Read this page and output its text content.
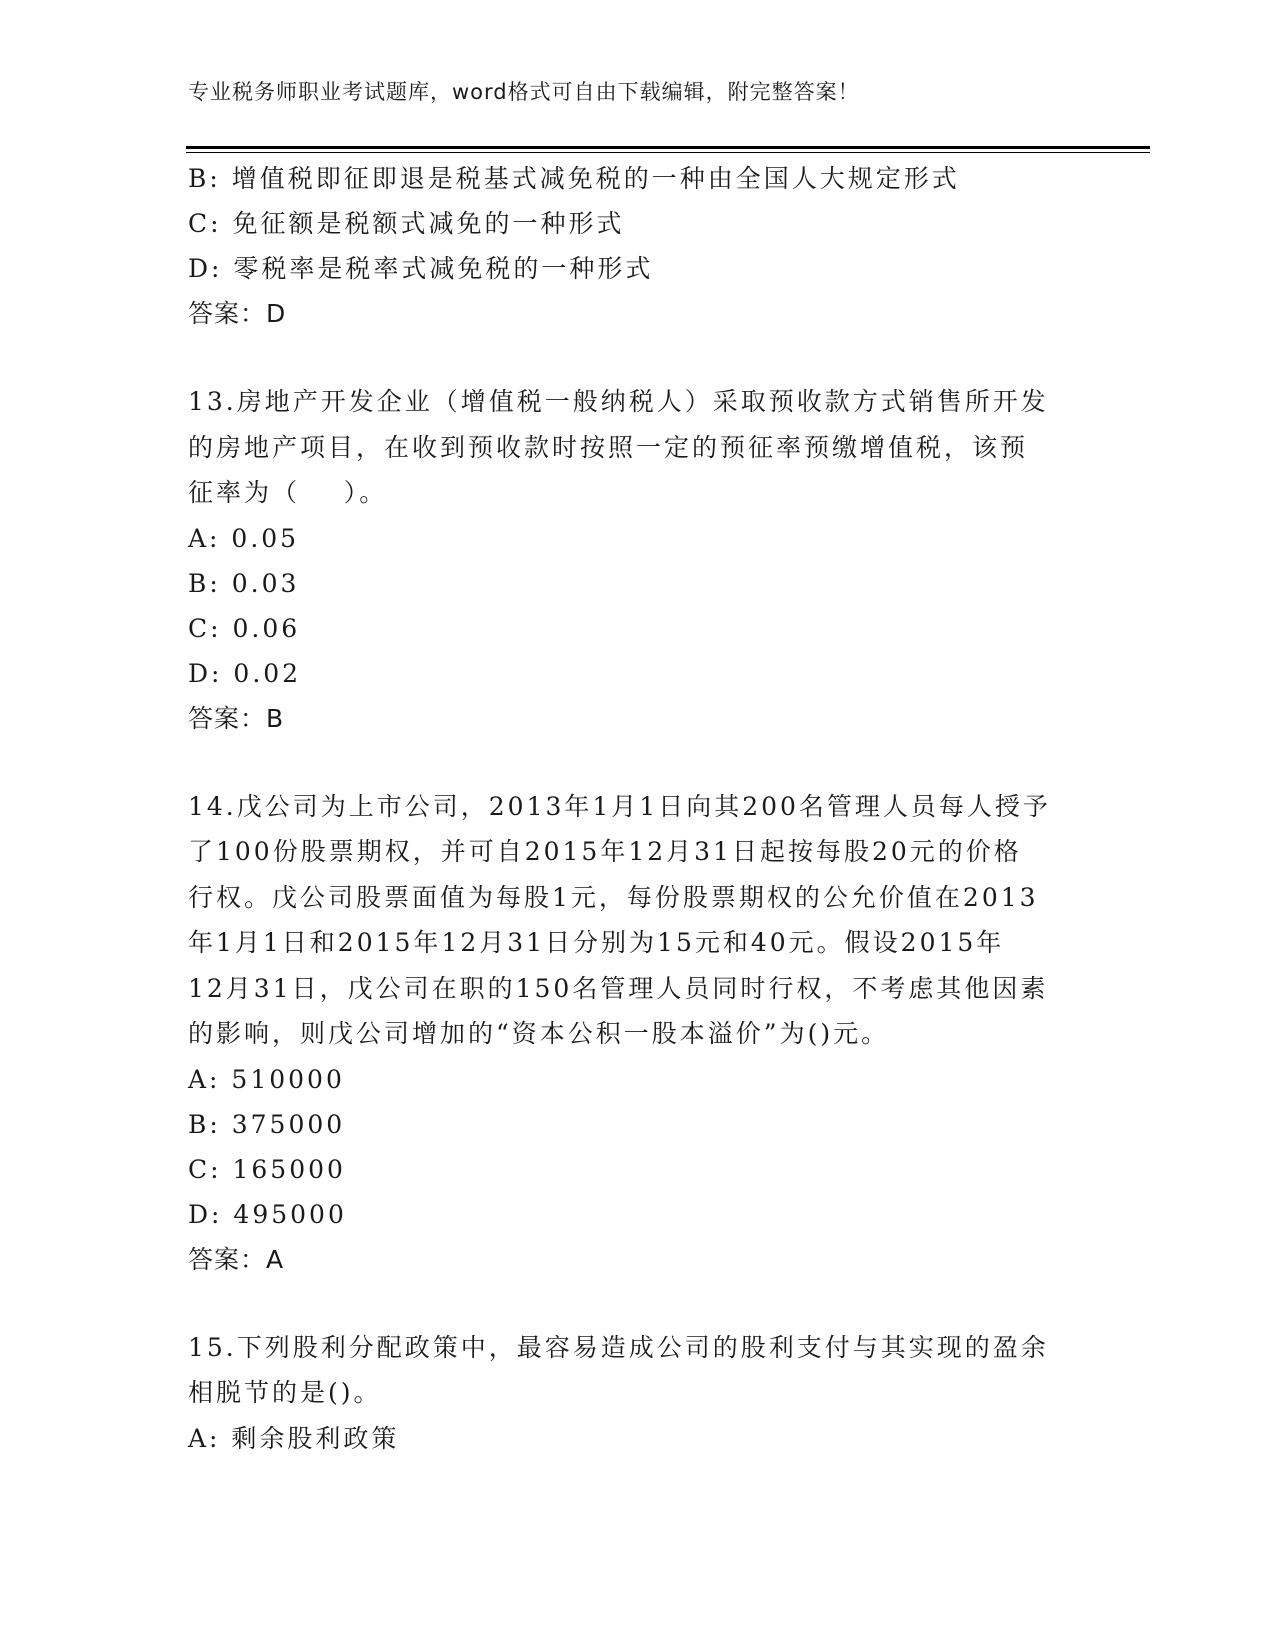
专业税务师职业考试题库，word格式可自由下载编辑，附完整答案！
B: 增值税即征即退是税基式减免税的一种由全国人大规定形式
C: 免征额是税额式减免的一种形式
D: 零税率是税率式减免税的一种形式
答案：D
13.房地产开发企业（增值税一般纳税人）采取预收款方式销售所开发
的房地产项目，在收到预收款时按照一定的预征率预缴增值税，该预
征率为（    ）。
A: 0.05
B: 0.03
C: 0.06
D: 0.02
答案：B
14.戊公司为上市公司，2013年1月1日向其200名管理人员每人授予
了100份股票期权，并可自2015年12月31日起按每股20元的价格
行权。戊公司股票面值为每股1元，每份股票期权的公允价值在2013
年1月1日和2015年12月31日分别为15元和40元。假设2015年
12月31日，戊公司在职的150名管理人员同时行权，不考虑其他因素
的影响，则戊公司增加的“资本公积一股本溢价”为()元。
A: 510000
B: 375000
C: 165000
D: 495000
答案：A
15.下列股利分配政策中，最容易造成公司的股利支付与其实现的盈余
相脱节的是()。
A: 剩余股利政策
